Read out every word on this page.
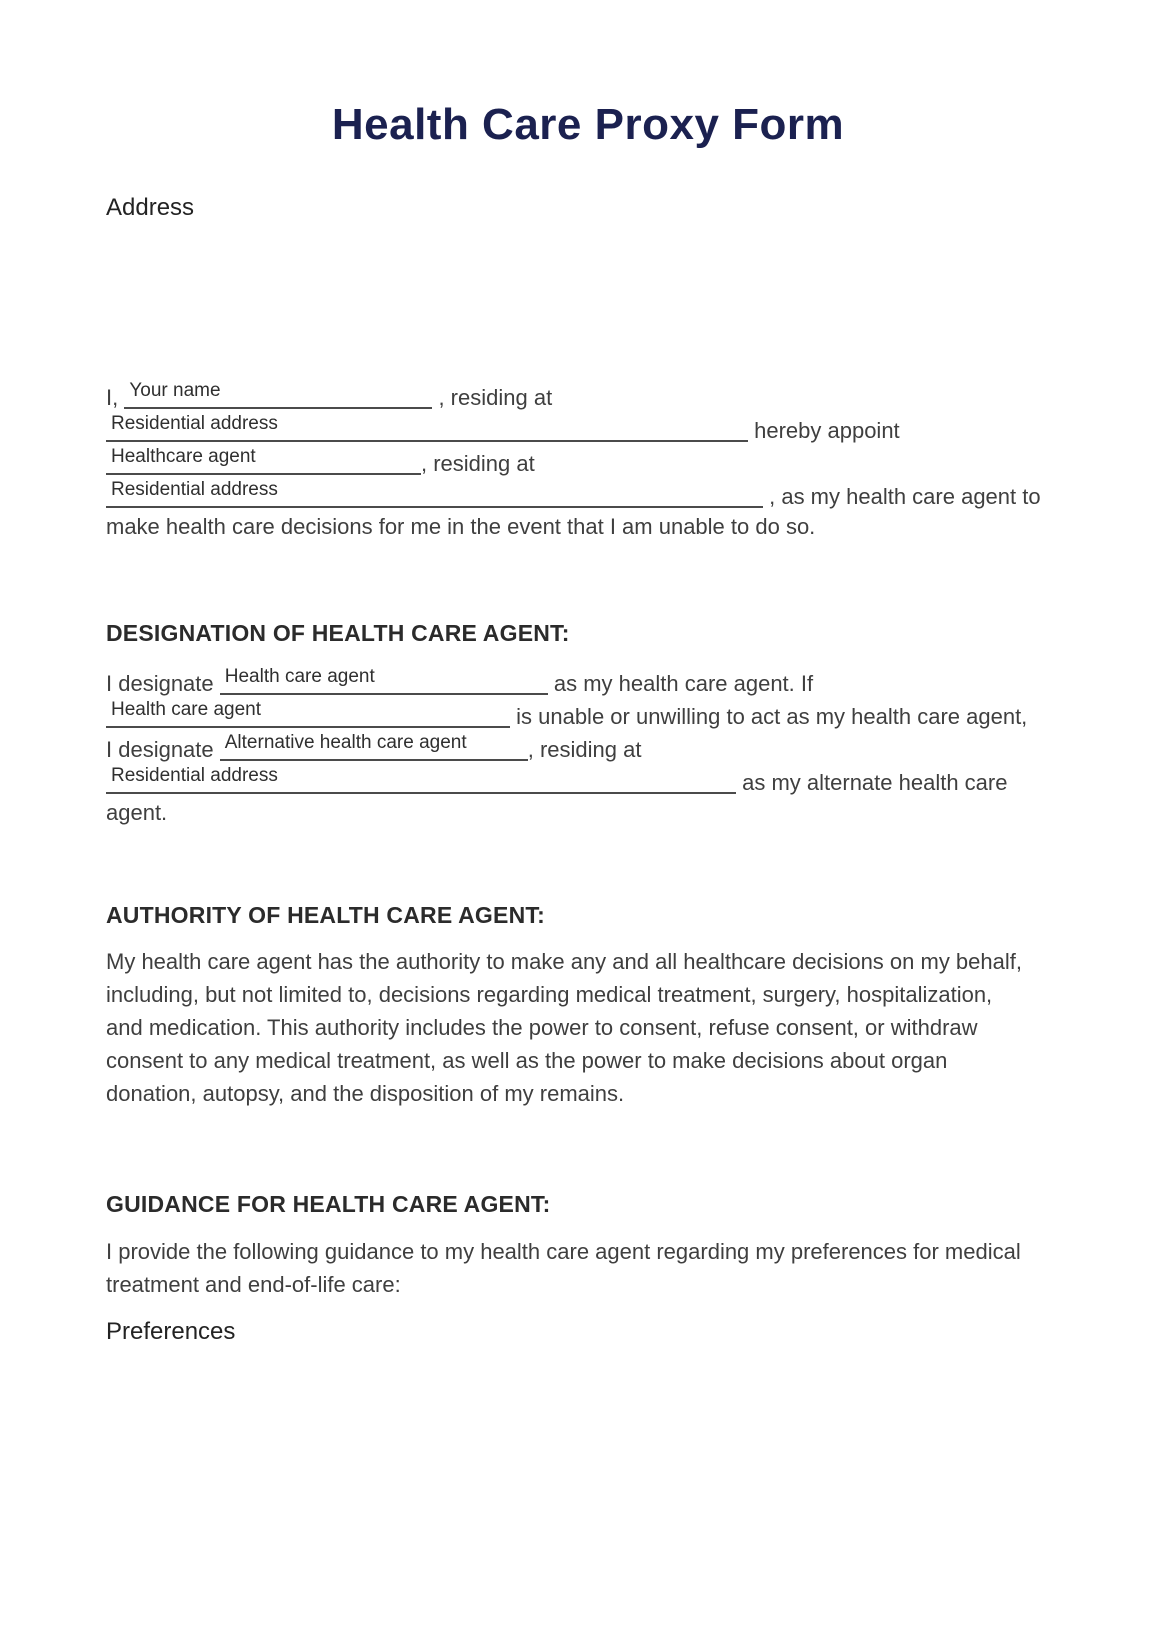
Health Care Proxy Form
Address
I, Your name	, residing at
Residential address	hereby appoint
Healthcare agent	, residing at
Residential address	, as my health care agent to
make health care decisions for me in the event that I am unable to do so.
DESIGNATION OF HEALTH CARE AGENT:
I designate Health care agent	as my health care agent. If
Health care agent	is unable or unwilling to act as my health care agent,
I designate Alternative health care agent	, residing at
Residential address	as my alternate health care
agent.
AUTHORITY OF HEALTH CARE AGENT:
My health care agent has the authority to make any and all healthcare decisions on my behalf,
including, but not limited to, decisions regarding medical treatment, surgery, hospitalization,
and medication. This authority includes the power to consent, refuse consent, or withdraw
consent to any medical treatment, as well as the power to make decisions about organ
donation, autopsy, and the disposition of my remains.
GUIDANCE FOR HEALTH CARE AGENT:
I provide the following guidance to my health care agent regarding my preferences for medical
treatment and end-of-life care:
Preferences
